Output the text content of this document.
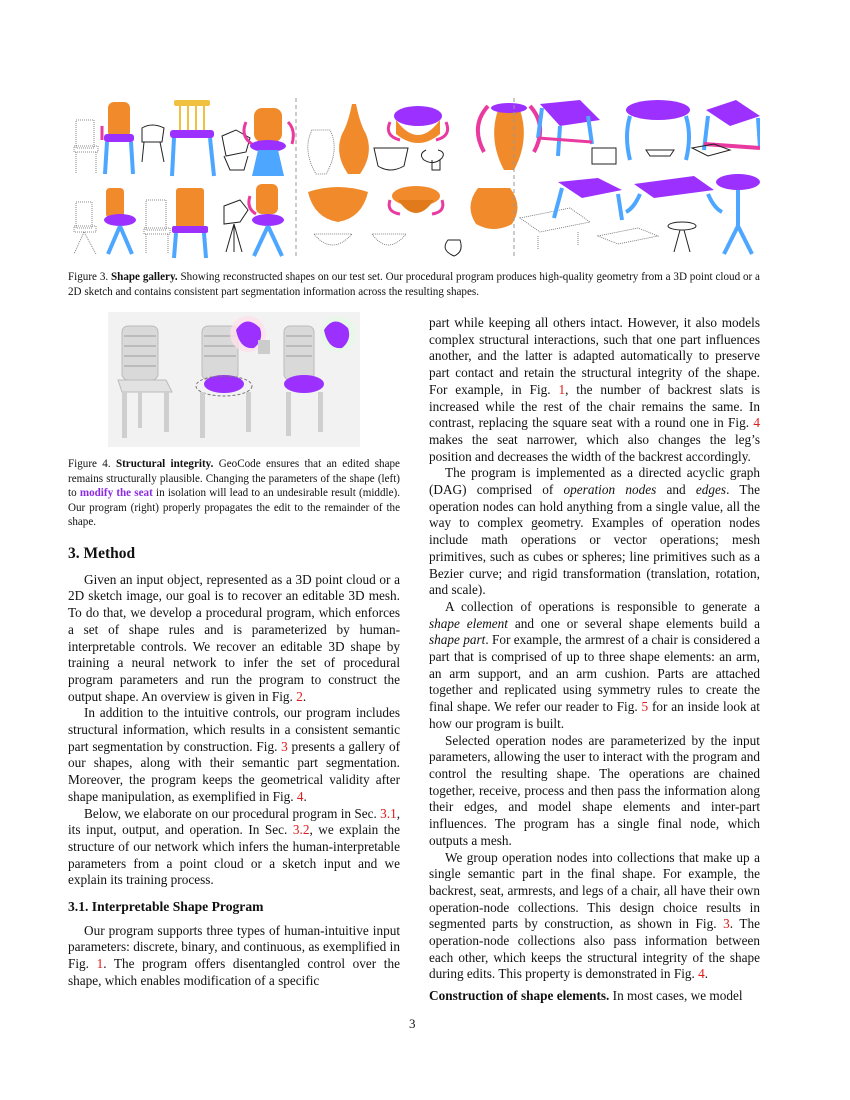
Figure 3. Shape gallery. Showing reconstructed shapes on our test set. Our procedural program produces high-quality geometry from a 3D point cloud or a 2D sketch and contains consistent part segmentation information across the resulting shapes.
Figure 4. Structural integrity. GeoCode ensures that an edited shape remains structurally plausible. Changing the parameters of the shape (left) to modify the seat in isolation will lead to an undesirable result (middle). Our program (right) properly propagates the edit to the remainder of the shape.
3. Method

Given an input object, represented as a 3D point cloud or a 2D sketch image, our goal is to recover an editable 3D mesh. To do that, we develop a procedural program, which enforces a set of shape rules and is parameterized by human-interpretable controls. We recover an editable 3D shape by training a neural network to infer the set of procedural program parameters and run the program to construct the output shape. An overview is given in Fig. 2.

In addition to the intuitive controls, our program includes structural information, which results in a consistent semantic part segmentation by construction. Fig. 3 presents a gallery of our shapes, along with their semantic part segmentation. Moreover, the program keeps the geometrical validity after shape manipulation, as exemplified in Fig. 4.

Below, we elaborate on our procedural program in Sec. 3.1, its input, output, and operation. In Sec. 3.2, we explain the structure of our network which infers the human-interpretable parameters from a point cloud or a sketch input and we explain its training process.

3.1. Interpretable Shape Program

Our program supports three types of human-intuitive input parameters: discrete, binary, and continuous, as exemplified in Fig. 1. The program offers disentangled control over the shape, which enables modification of a specific

part while keeping all others intact. However, it also models complex structural interactions, such that one part influences another, and the latter is adapted automatically to preserve part contact and retain the structural integrity of the shape. For example, in Fig. 1, the number of backrest slats is increased while the rest of the chair remains the same. In contrast, replacing the square seat with a round one in Fig. 4 makes the seat narrower, which also changes the leg’s position and decreases the width of the backrest accordingly.

The program is implemented as a directed acyclic graph (DAG) comprised of operation nodes and edges. The operation nodes can hold anything from a single value, all the way to complex geometry. Examples of operation nodes include math operations or vector operations; mesh primitives, such as cubes or spheres; line primitives such as a Bezier curve; and rigid transformation (translation, rotation, and scale).

A collection of operations is responsible to generate a shape element and one or several shape elements build a shape part. For example, the armrest of a chair is considered a part that is comprised of up to three shape elements: an arm, an arm support, and an arm cushion. Parts are attached together and replicated using symmetry rules to create the final shape. We refer our reader to Fig. 5 for an inside look at how our program is built.

Selected operation nodes are parameterized by the input parameters, allowing the user to interact with the program and control the resulting shape. The operations are chained together, receive, process and then pass the information along their edges, and model shape elements and inter-part influences. The program has a single final node, which outputs a mesh.

We group operation nodes into collections that make up a single semantic part in the final shape. For example, the backrest, seat, armrests, and legs of a chair, all have their own operation-node collections. This design choice results in segmented parts by construction, as shown in Fig. 3. The operation-node collections also pass information between each other, which keeps the structural integrity of the shape during edits. This property is demonstrated in Fig. 4.

Construction of shape elements. In most cases, we model

3
